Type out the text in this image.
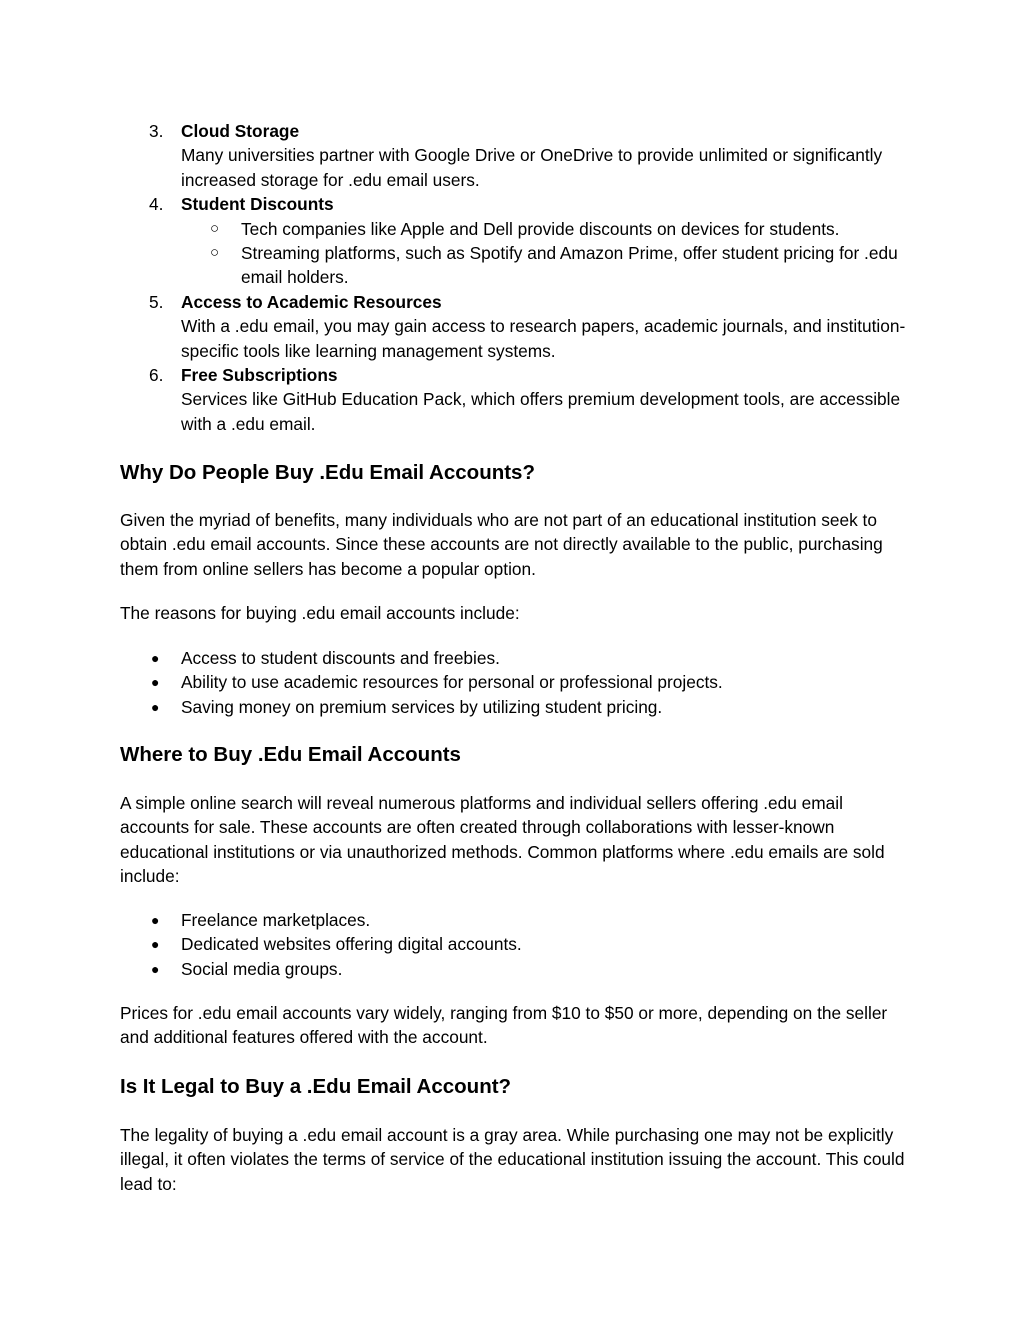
3. Cloud Storage
Many universities partner with Google Drive or OneDrive to provide unlimited or significantly increased storage for .edu email users.
4. Student Discounts
○ Tech companies like Apple and Dell provide discounts on devices for students.
○ Streaming platforms, such as Spotify and Amazon Prime, offer student pricing for .edu email holders.
5. Access to Academic Resources
With a .edu email, you may gain access to research papers, academic journals, and institution-specific tools like learning management systems.
6. Free Subscriptions
Services like GitHub Education Pack, which offers premium development tools, are accessible with a .edu email.
Why Do People Buy .Edu Email Accounts?

Given the myriad of benefits, many individuals who are not part of an educational institution seek to obtain .edu email accounts. Since these accounts are not directly available to the public, purchasing them from online sellers has become a popular option.

The reasons for buying .edu email accounts include:

● Access to student discounts and freebies.
● Ability to use academic resources for personal or professional projects.
● Saving money on premium services by utilizing student pricing.
Where to Buy .Edu Email Accounts

A simple online search will reveal numerous platforms and individual sellers offering .edu email accounts for sale. These accounts are often created through collaborations with lesser-known educational institutions or via unauthorized methods. Common platforms where .edu emails are sold include:

● Freelance marketplaces.
● Dedicated websites offering digital accounts.
● Social media groups.

Prices for .edu email accounts vary widely, ranging from $10 to $50 or more, depending on the seller and additional features offered with the account.

Is It Legal to Buy a .Edu Email Account?

The legality of buying a .edu email account is a gray area. While purchasing one may not be explicitly illegal, it often violates the terms of service of the educational institution issuing the account. This could lead to:
